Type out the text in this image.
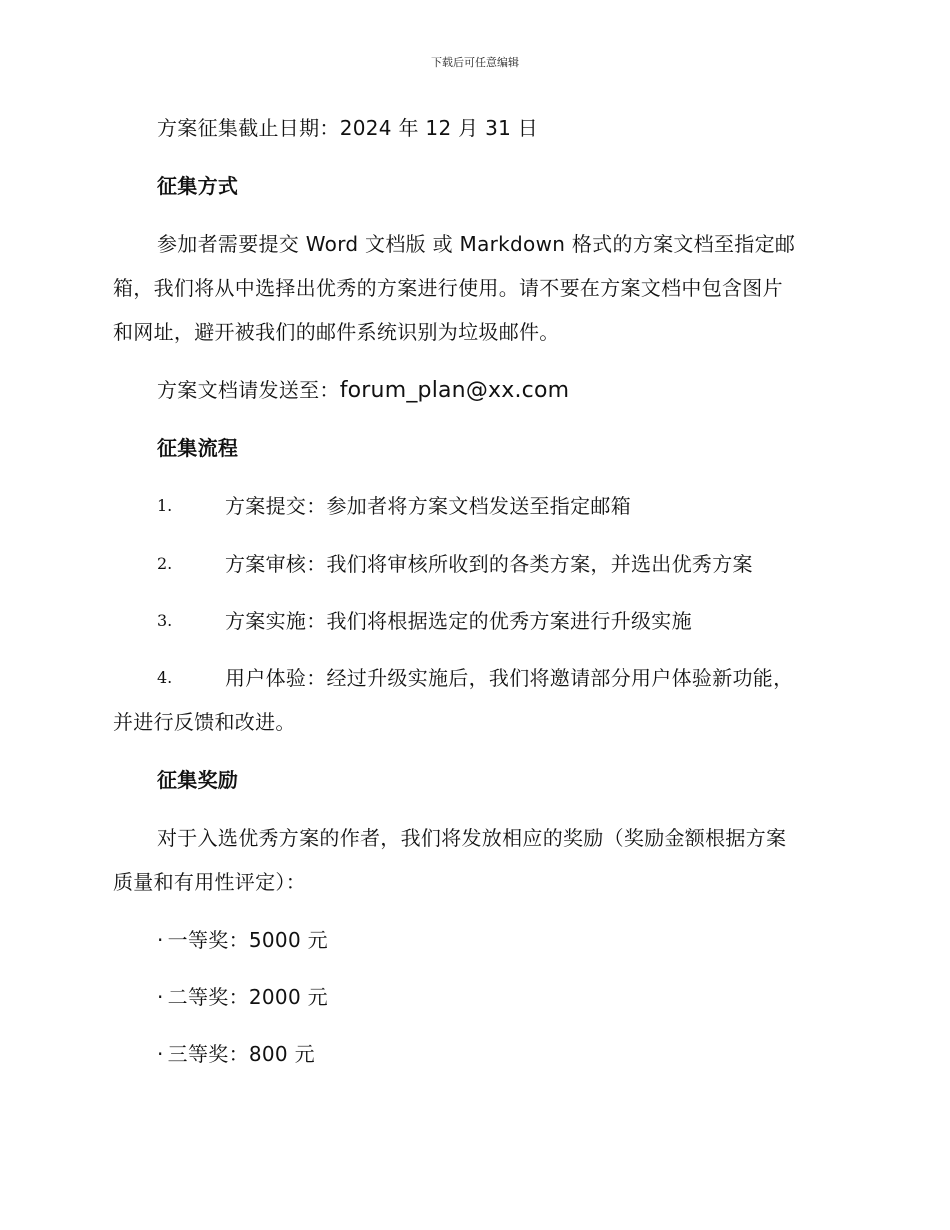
下载后可任意编辑
方案征集截止日期：2024 年 12 月 31 日
征集方式
参加者需要提交 Word 文档版 或 Markdown 格式的方案文档至指定邮
箱，我们将从中选择出优秀的方案进行使用。请不要在方案文档中包含图片
和网址，避开被我们的邮件系统识别为垃圾邮件。
方案文档请发送至：forum_plan@xx.com
征集流程
1.	方案提交：参加者将方案文档发送至指定邮箱
2.	方案审核：我们将审核所收到的各类方案，并选出优秀方案
3.	方案实施：我们将根据选定的优秀方案进行升级实施
4.	用户体验：经过升级实施后，我们将邀请部分用户体验新功能，
并进行反馈和改进。
征集奖励
对于入选优秀方案的作者，我们将发放相应的奖励（奖励金额根据方案
质量和有用性评定）：
· 一等奖：5000 元
· 二等奖：2000 元
· 三等奖：800 元
